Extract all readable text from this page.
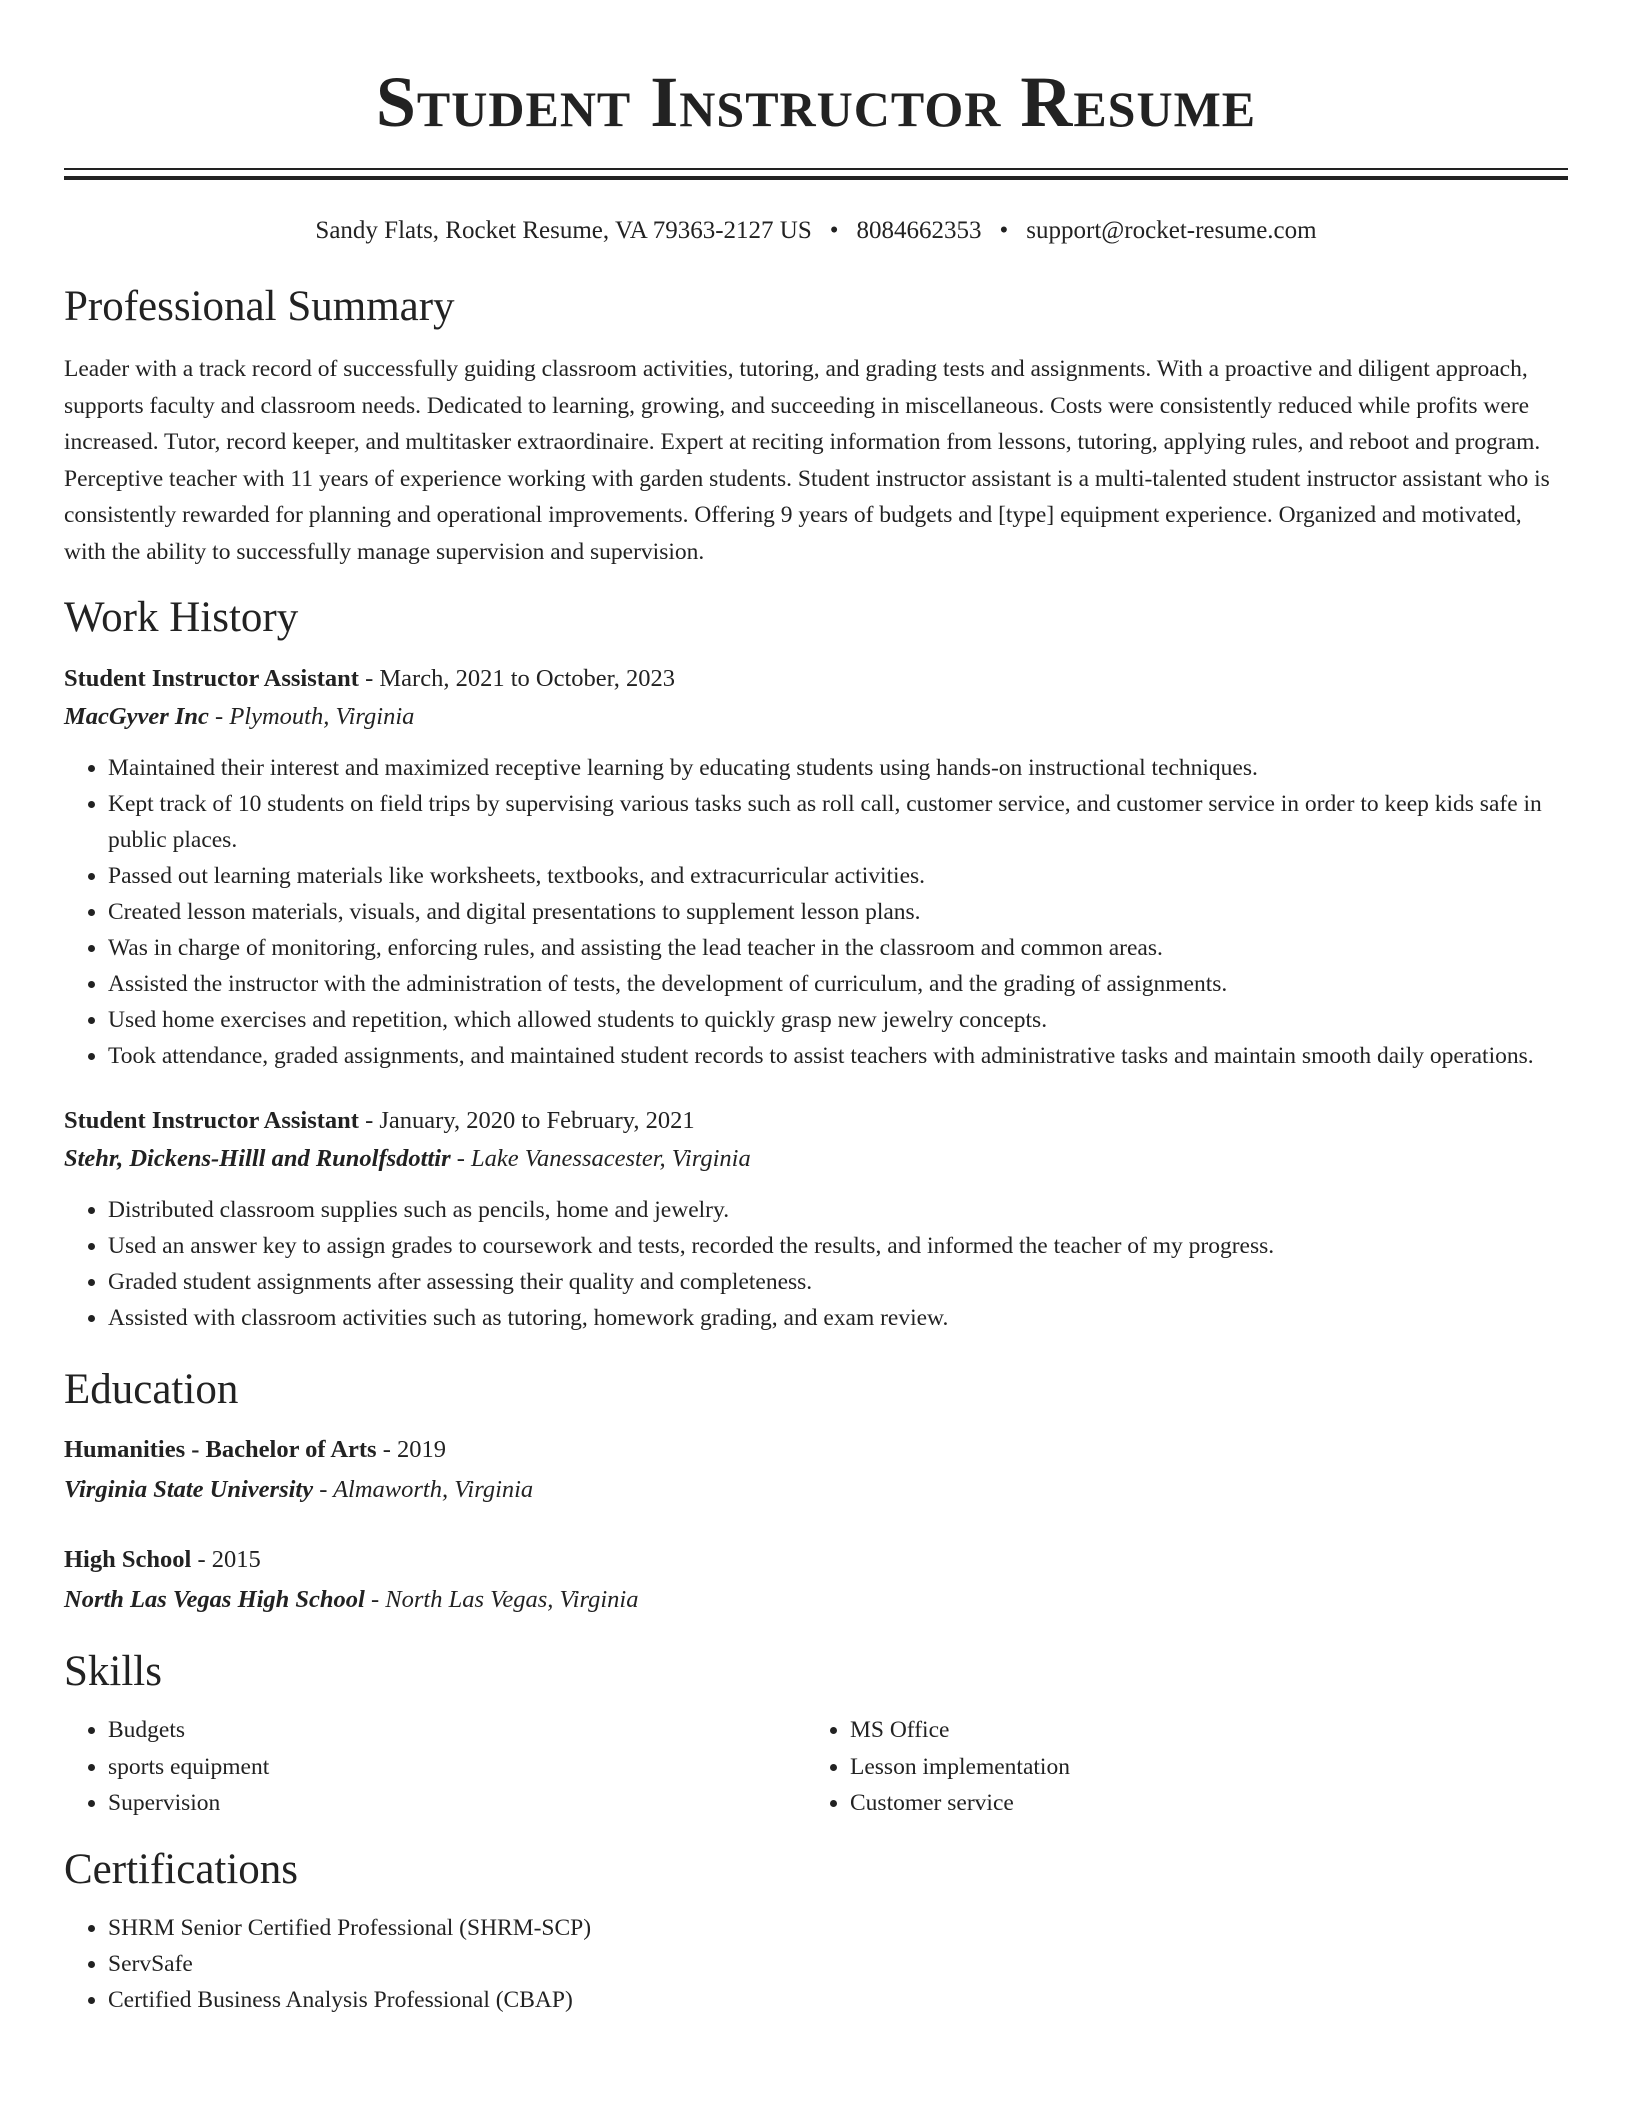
Student Instructor Resume
Sandy Flats, Rocket Resume, VA 79363-2127 US • 8084662353 • support@rocket-resume.com
Professional Summary

Leader with a track record of successfully guiding classroom activities, tutoring, and grading tests and assignments. With a proactive and diligent approach, supports faculty and classroom needs. Dedicated to learning, growing, and succeeding in miscellaneous. Costs were consistently reduced while profits were increased. Tutor, record keeper, and multitasker extraordinaire. Expert at reciting information from lessons, tutoring, applying rules, and reboot and program. Perceptive teacher with 11 years of experience working with garden students. Student instructor assistant is a multi-talented student instructor assistant who is consistently rewarded for planning and operational improvements. Offering 9 years of budgets and [type] equipment experience. Organized and motivated, with the ability to successfully manage supervision and supervision.

Work History
Student Instructor Assistant - March, 2021 to October, 2023
MacGyver Inc - Plymouth, Virginia
• Maintained their interest and maximized receptive learning by educating students using hands-on instructional techniques.
• Kept track of 10 students on field trips by supervising various tasks such as roll call, customer service, and customer service in order to keep kids safe in public places.
• Passed out learning materials like worksheets, textbooks, and extracurricular activities.
• Created lesson materials, visuals, and digital presentations to supplement lesson plans.
• Was in charge of monitoring, enforcing rules, and assisting the lead teacher in the classroom and common areas.
• Assisted the instructor with the administration of tests, the development of curriculum, and the grading of assignments.
• Used home exercises and repetition, which allowed students to quickly grasp new jewelry concepts.
• Took attendance, graded assignments, and maintained student records to assist teachers with administrative tasks and maintain smooth daily operations.
Student Instructor Assistant - January, 2020 to February, 2021
Stehr, Dickens-Hilll and Runolfsdottir - Lake Vanessacester, Virginia
• Distributed classroom supplies such as pencils, home and jewelry.
• Used an answer key to assign grades to coursework and tests, recorded the results, and informed the teacher of my progress.
• Graded student assignments after assessing their quality and completeness.
• Assisted with classroom activities such as tutoring, homework grading, and exam review.
Education
Humanities - Bachelor of Arts - 2019
Virginia State University - Almaworth, Virginia
High School - 2015
North Las Vegas High School - North Las Vegas, Virginia
Skills
• Budgets
• sports equipment
• Supervision
• MS Office
• Lesson implementation
• Customer service
Certifications
• SHRM Senior Certified Professional (SHRM-SCP)
• ServSafe
• Certified Business Analysis Professional (CBAP)
